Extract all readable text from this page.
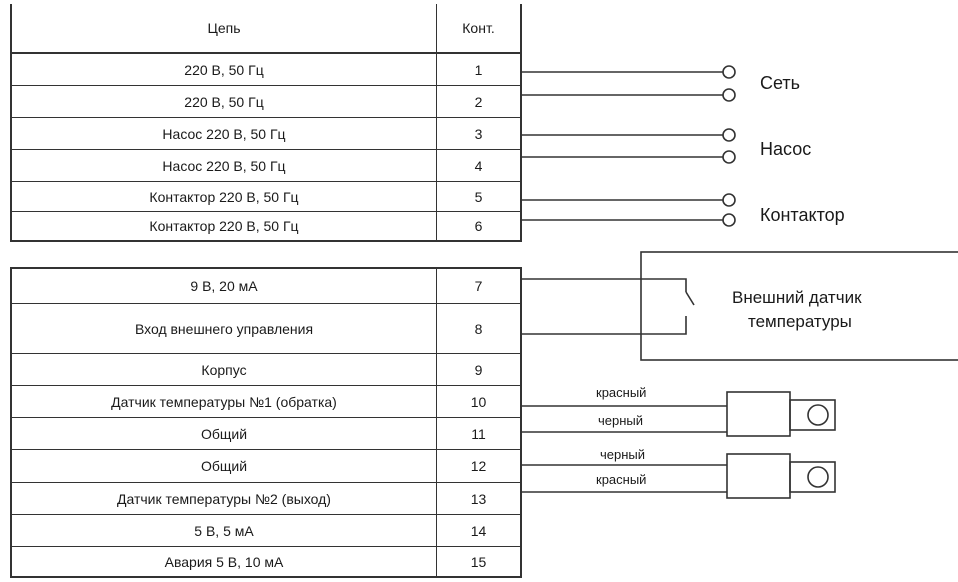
Цепь	Конт.
220 В, 50 Гц	1
220 В, 50 Гц	2
Насос 220 В, 50 Гц	3
Насос 220 В, 50 Гц	4
Контактор 220 В, 50 Гц	5
Контактор 220 В, 50 Гц	6
9 В, 20 мА	7
Вход внешнего управления	8
Корпус	9
Датчик температуры №1 (обратка)	10
Общий	11
Общий	12
Датчик температуры №2 (выход)	13
5 В, 5 мА	14
Авария 5 В, 10 мА	15
Сеть
Насос
Контактор
Внешний датчик
температуры
красный
черный
черный
красный
